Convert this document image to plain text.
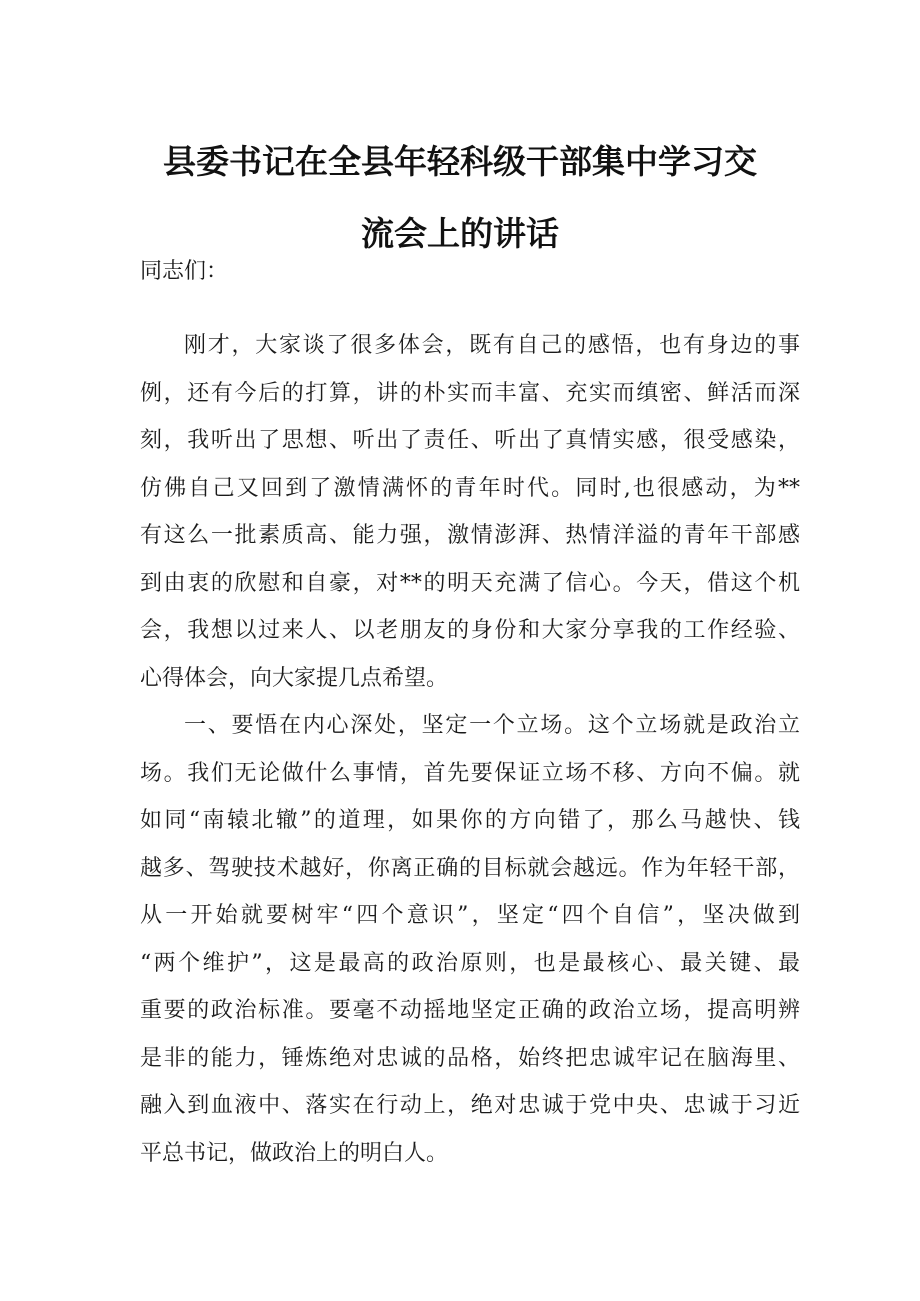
县委书记在全县年轻科级干部集中学习交
流会上的讲话

同志们：

刚才，大家谈了很多体会，既有自己的感悟，也有身边的事
例，还有今后的打算，讲的朴实而丰富、充实而缜密、鲜活而深
刻，我听出了思想、听出了责任、听出了真情实感，很受感染，
仿佛自己又回到了激情满怀的青年时代。同时,也很感动，为**
有这么一批素质高、能力强，激情澎湃、热情洋溢的青年干部感
到由衷的欣慰和自豪，对**的明天充满了信心。今天，借这个机
会，我想以过来人、以老朋友的身份和大家分享我的工作经验、
心得体会，向大家提几点希望。

一、要悟在内心深处，坚定一个立场。这个立场就是政治立
场。我们无论做什么事情，首先要保证立场不移、方向不偏。就
如同“南辕北辙”的道理，如果你的方向错了，那么马越快、钱
越多、驾驶技术越好，你离正确的目标就会越远。作为年轻干部，
从一开始就要树牢“四个意识”，坚定“四个自信”，坚决做到
“两个维护”，这是最高的政治原则，也是最核心、最关键、最
重要的政治标准。要毫不动摇地坚定正确的政治立场，提高明辨
是非的能力，锤炼绝对忠诚的品格，始终把忠诚牢记在脑海里、
融入到血液中、落实在行动上，绝对忠诚于党中央、忠诚于习近
平总书记，做政治上的明白人。
